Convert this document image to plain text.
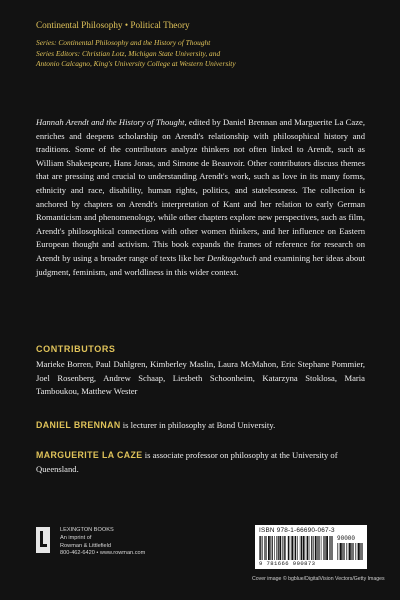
Continental Philosophy • Political Theory
Series: Continental Philosophy and the History of Thought
Series Editors: Christian Lotz, Michigan State University, and
Antonio Calcagno, King's University College at Western University
Hannah Arendt and the History of Thought, edited by Daniel Brennan and Marguerite La Caze, enriches and deepens scholarship on Arendt's relationship with philosophical history and traditions. Some of the contributors analyze thinkers not often linked to Arendt, such as William Shakespeare, Hans Jonas, and Simone de Beauvoir. Other contributors discuss themes that are pressing and crucial to understanding Arendt's work, such as love in its many forms, ethnicity and race, disability, human rights, politics, and statelessness. The collection is anchored by chapters on Arendt's interpretation of Kant and her relation to early German Romanticism and phenomenology, while other chapters explore new perspectives, such as film, Arendt's philosophical connections with other women thinkers, and her influence on Eastern European thought and activism. This book expands the frames of reference for research on Arendt by using a broader range of texts like her Denktagebuch and examining her ideas about judgment, feminism, and worldliness in this wider context.
CONTRIBUTORS
Marieke Borren, Paul Dahlgren, Kimberley Maslin, Laura McMahon, Eric Stephane Pommier, Joel Rosenberg, Andrew Schaap, Liesbeth Schoonheim, Katarzyna Stoklosa, Maria Tamboukou, Matthew Wester
DANIEL BRENNAN is lecturer in philosophy at Bond University.
MARGUERITE LA CAZE is associate professor on philosophy at the University of Queensland.
LEXINGTON BOOKS
An imprint of
Rowman & Littlefield
800-462-6420 • www.rowman.com
ISBN 978-1-66690-067-3
90000
9 781666 900873
Cover image © bgblue/DigitalVision Vectors/Getty Images
